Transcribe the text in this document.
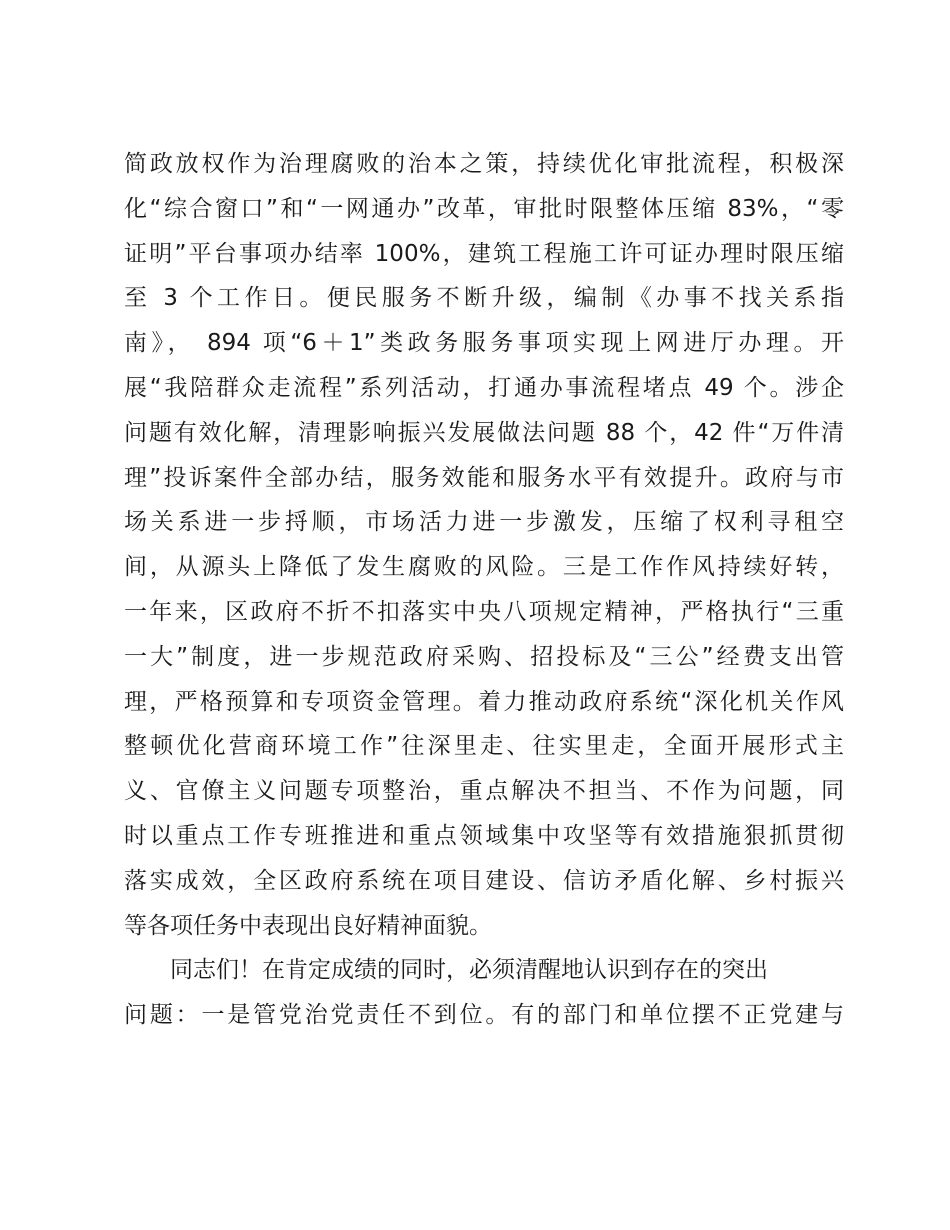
简政放权作为治理腐败的治本之策，持续优化审批流程，积极深
化“综合窗口”和“一网通办”改革，审批时限整体压缩 83%，“零
证明”平台事项办结率 100%，建筑工程施工许可证办理时限压缩
至 3 个工作日。便民服务不断升级，编制《办事不找关系指
南》， 894 项“6＋1”类政务服务事项实现上网进厅办理。开
展“我陪群众走流程”系列活动，打通办事流程堵点 49 个。涉企
问题有效化解，清理影响振兴发展做法问题 88 个，42 件“万件清
理”投诉案件全部办结，服务效能和服务水平有效提升。政府与市
场关系进一步捋顺，市场活力进一步激发，压缩了权利寻租空
间，从源头上降低了发生腐败的风险。三是工作作风持续好转，
一年来，区政府不折不扣落实中央八项规定精神，严格执行“三重
一大”制度，进一步规范政府采购、招投标及“三公”经费支出管
理，严格预算和专项资金管理。着力推动政府系统“深化机关作风
整顿优化营商环境工作”往深里走、往实里走，全面开展形式主
义、官僚主义问题专项整治，重点解决不担当、不作为问题，同
时以重点工作专班推进和重点领域集中攻坚等有效措施狠抓贯彻
落实成效，全区政府系统在项目建设、信访矛盾化解、乡村振兴
等各项任务中表现出良好精神面貌。
同志们！在肯定成绩的同时，必须清醒地认识到存在的突出
问题：一是管党治党责任不到位。有的部门和单位摆不正党建与
